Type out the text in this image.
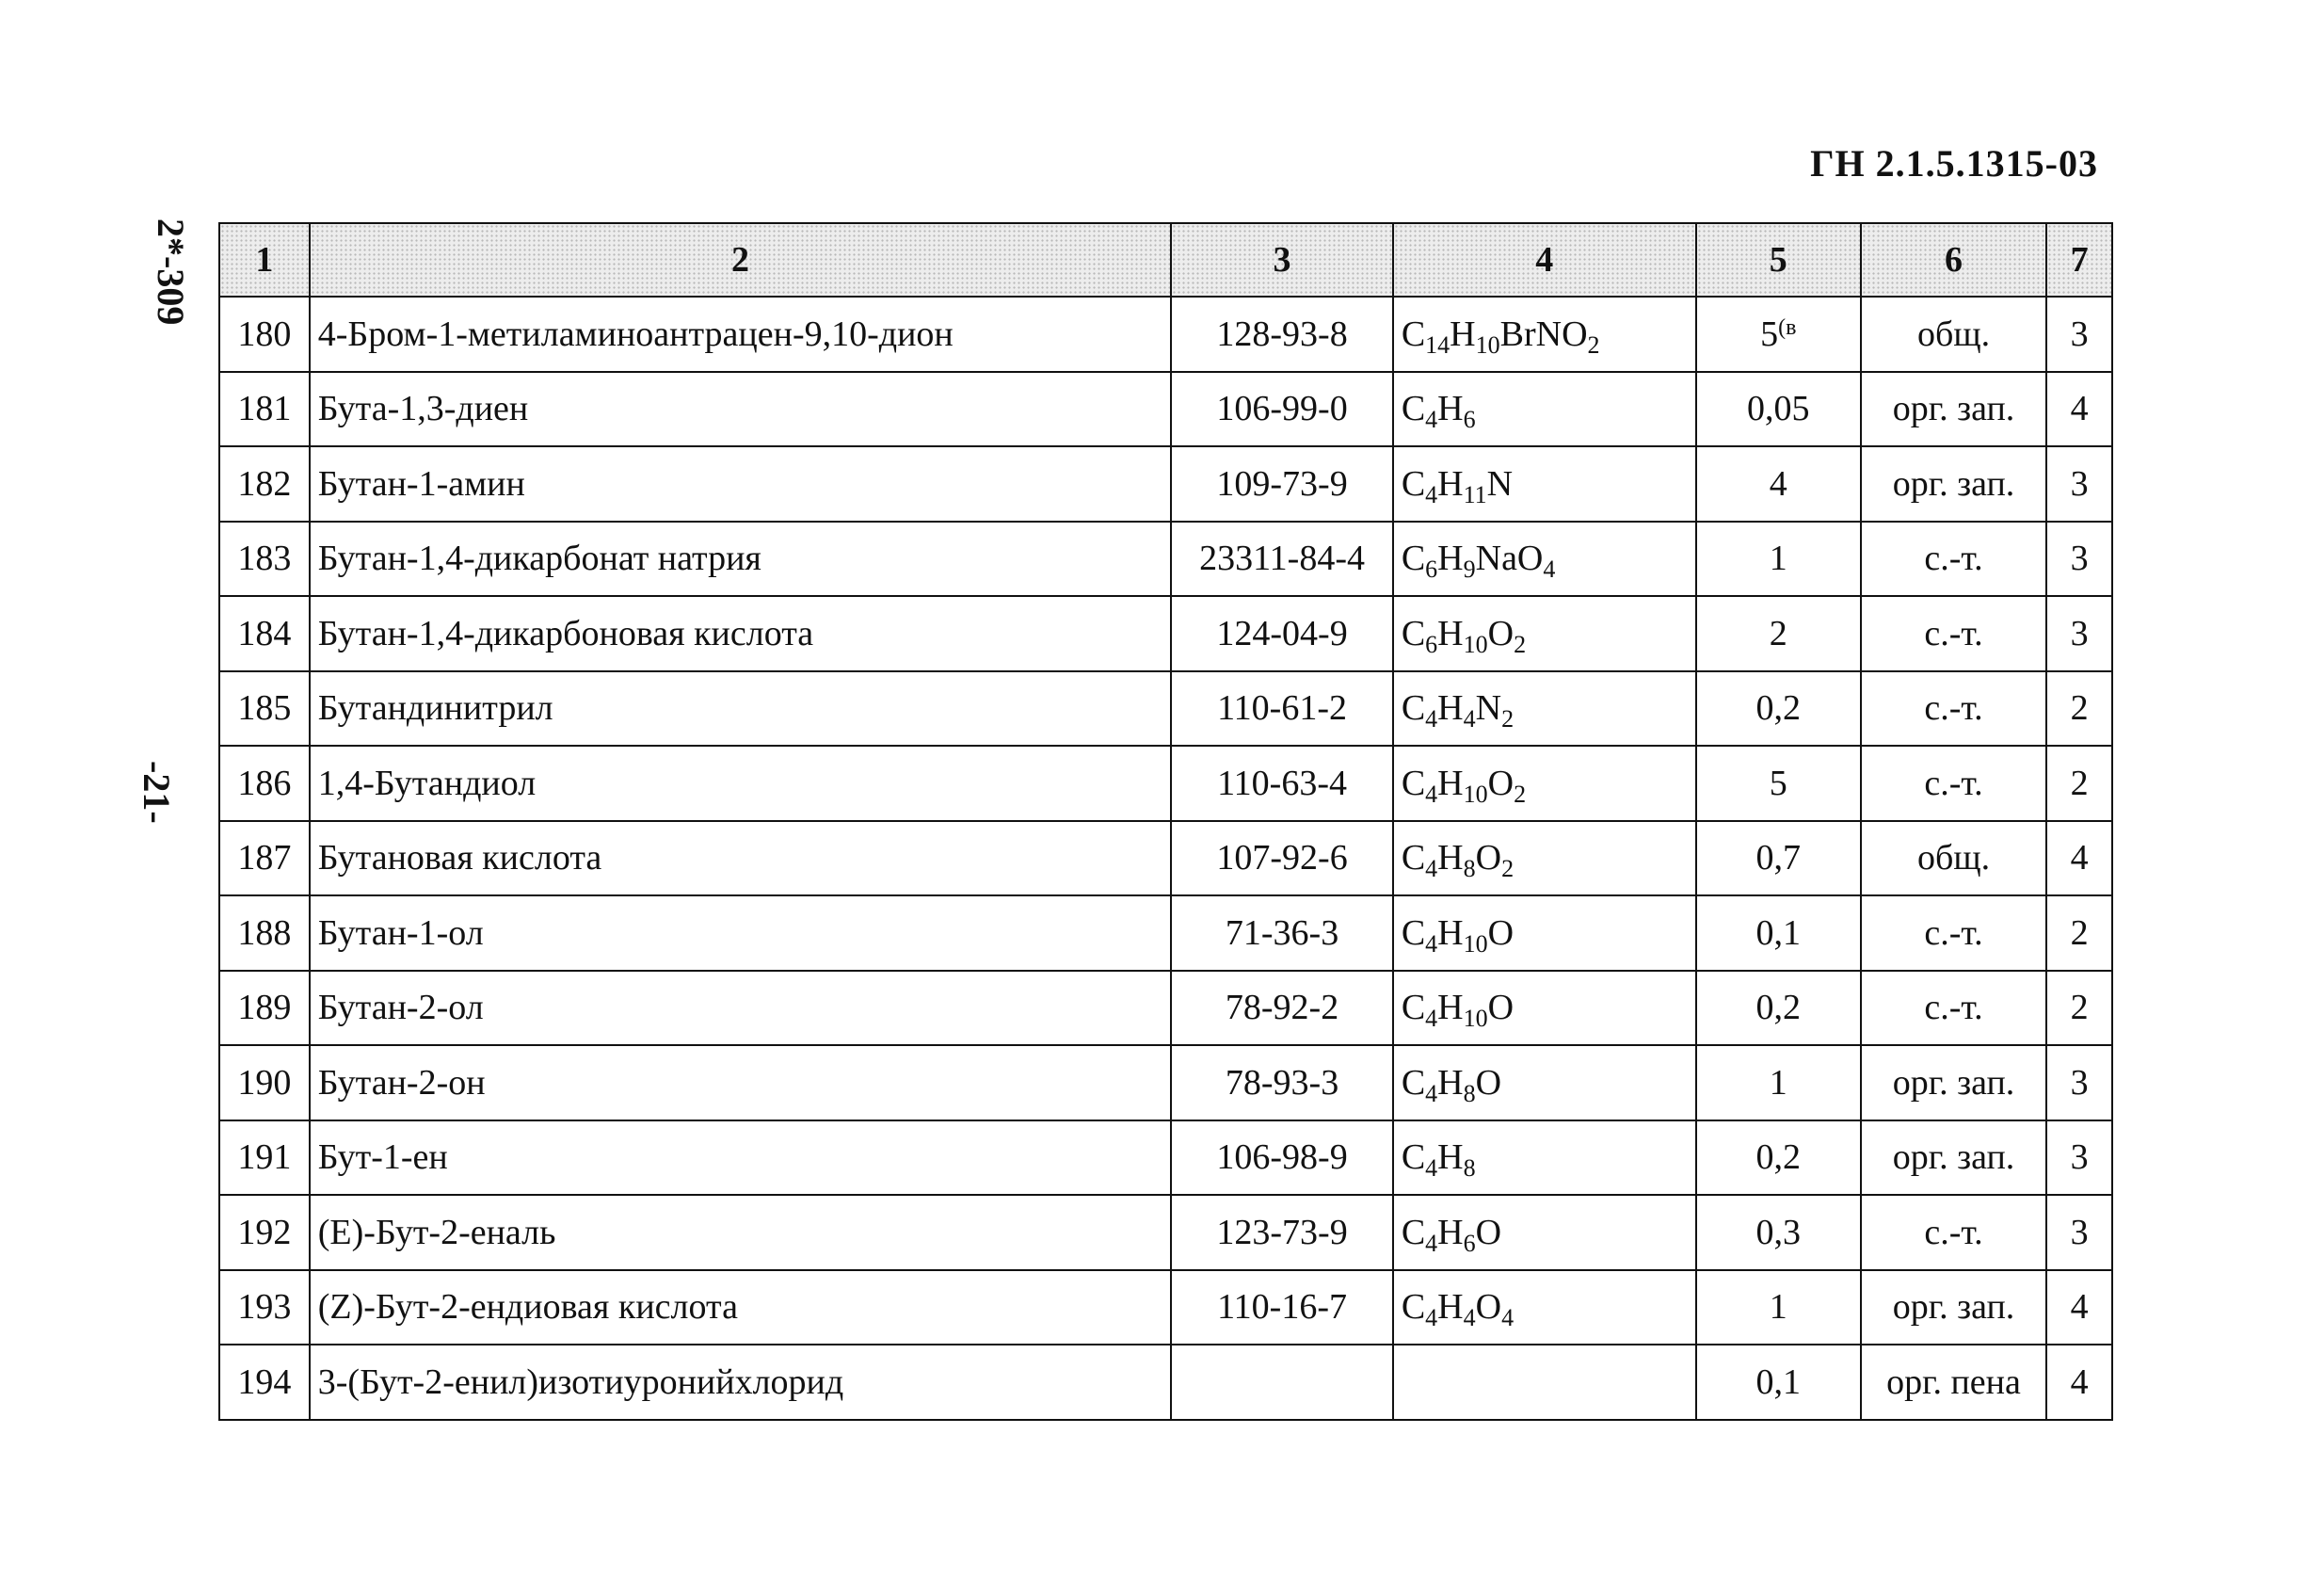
ГН 2.1.5.1315-03
2*-309
-21-
1	2	3	4	5	6	7
180	4-Бром-1-метиламиноантрацен-9,10-дион	128-93-8	$C_{14}H_{10}BrNO_2$	$5^{(в}$	общ.	3
181	Бута-1,3-диен	106-99-0	$C_4H_6$	0,05	орг. зап.	4
182	Бутан-1-амин	109-73-9	$C_4H_{11}N$	4	орг. зап.	3
183	Бутан-1,4-дикарбонат натрия	23311-84-4	$C_6H_9NaO_4$	1	с.-т.	3
184	Бутан-1,4-дикарбоновая кислота	124-04-9	$C_6H_{10}O_2$	2	с.-т.	3
185	Бутандинитрил	110-61-2	$C_4H_4N_2$	0,2	с.-т.	2
186	1,4-Бутандиол	110-63-4	$C_4H_{10}O_2$	5	с.-т.	2
187	Бутановая кислота	107-92-6	$C_4H_8O_2$	0,7	общ.	4
188	Бутан-1-ол	71-36-3	$C_4H_{10}O$	0,1	с.-т.	2
189	Бутан-2-ол	78-92-2	$C_4H_{10}O$	0,2	с.-т.	2
190	Бутан-2-он	78-93-3	$C_4H_8O$	1	орг. зап.	3
191	Бут-1-ен	106-98-9	$C_4H_8$	0,2	орг. зап.	3
192	(E)-Бут-2-еналь	123-73-9	$C_4H_6O$	0,3	с.-т.	3
193	(Z)-Бут-2-ендиовая кислота	110-16-7	$C_4H_4O_4$	1	орг. зап.	4
194	3-(Бут-2-енил)изотиуронийхлорид			0,1	орг. пена	4
